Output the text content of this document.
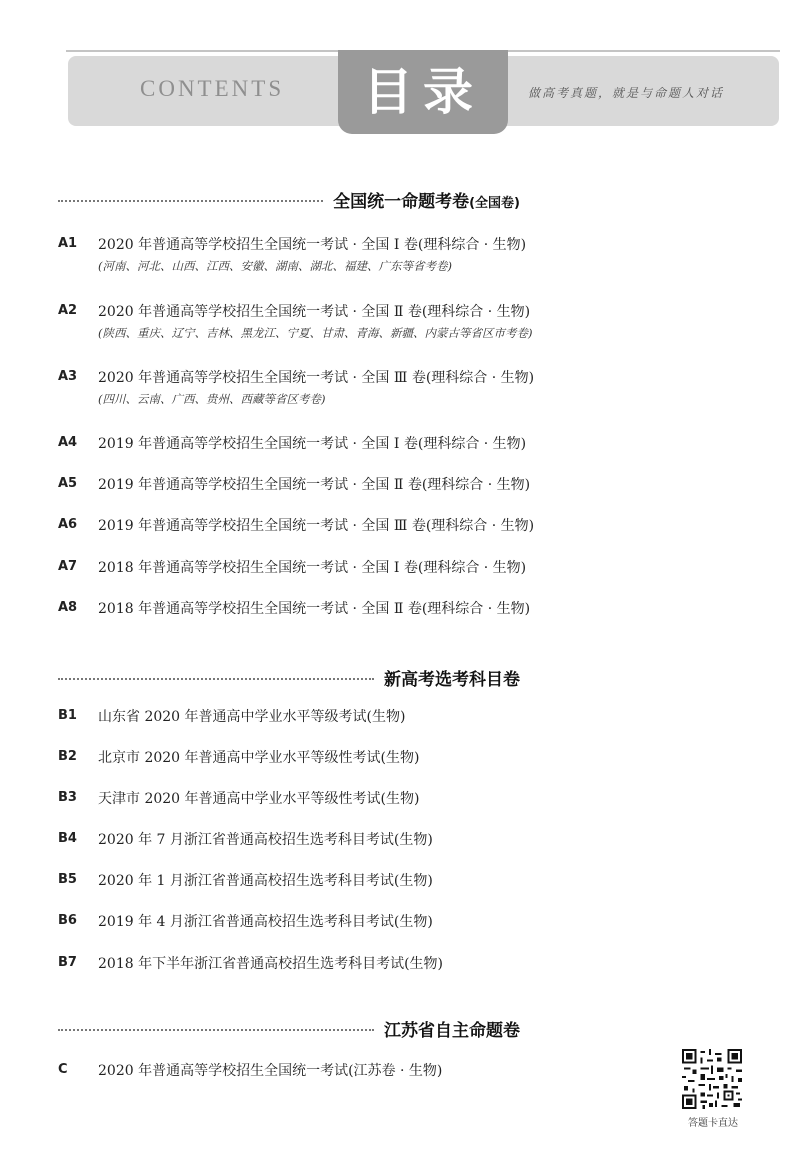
CONTENTS	目录	做高考真题，就是与命题人对话
全国统一命题考卷(全国卷)
A1	2020 年普通高等学校招生全国统一考试 · 全国 Ⅰ 卷(理科综合 · 生物)
(河南、河北、山西、江西、安徽、湖南、湖北、福建、广东等省考卷)
A2	2020 年普通高等学校招生全国统一考试 · 全国 Ⅱ 卷(理科综合 · 生物)
(陕西、重庆、辽宁、吉林、黑龙江、宁夏、甘肃、青海、新疆、内蒙古等省区市考卷)
A3	2020 年普通高等学校招生全国统一考试 · 全国 Ⅲ 卷(理科综合 · 生物)
(四川、云南、广西、贵州、西藏等省区考卷)
A4	2019 年普通高等学校招生全国统一考试 · 全国 Ⅰ 卷(理科综合 · 生物)
A5	2019 年普通高等学校招生全国统一考试 · 全国 Ⅱ 卷(理科综合 · 生物)
A6	2019 年普通高等学校招生全国统一考试 · 全国 Ⅲ 卷(理科综合 · 生物)
A7	2018 年普通高等学校招生全国统一考试 · 全国 Ⅰ 卷(理科综合 · 生物)
A8	2018 年普通高等学校招生全国统一考试 · 全国 Ⅱ 卷(理科综合 · 生物)
新高考选考科目卷
B1	山东省 2020 年普通高中学业水平等级考试(生物)
B2	北京市 2020 年普通高中学业水平等级性考试(生物)
B3	天津市 2020 年普通高中学业水平等级性考试(生物)
B4	2020 年 7 月浙江省普通高校招生选考科目考试(生物)
B5	2020 年 1 月浙江省普通高校招生选考科目考试(生物)
B6	2019 年 4 月浙江省普通高校招生选考科目考试(生物)
B7	2018 年下半年浙江省普通高校招生选考科目考试(生物)
江苏省自主命题卷
C	2020 年普通高等学校招生全国统一考试(江苏卷 · 生物)
答题卡直达
